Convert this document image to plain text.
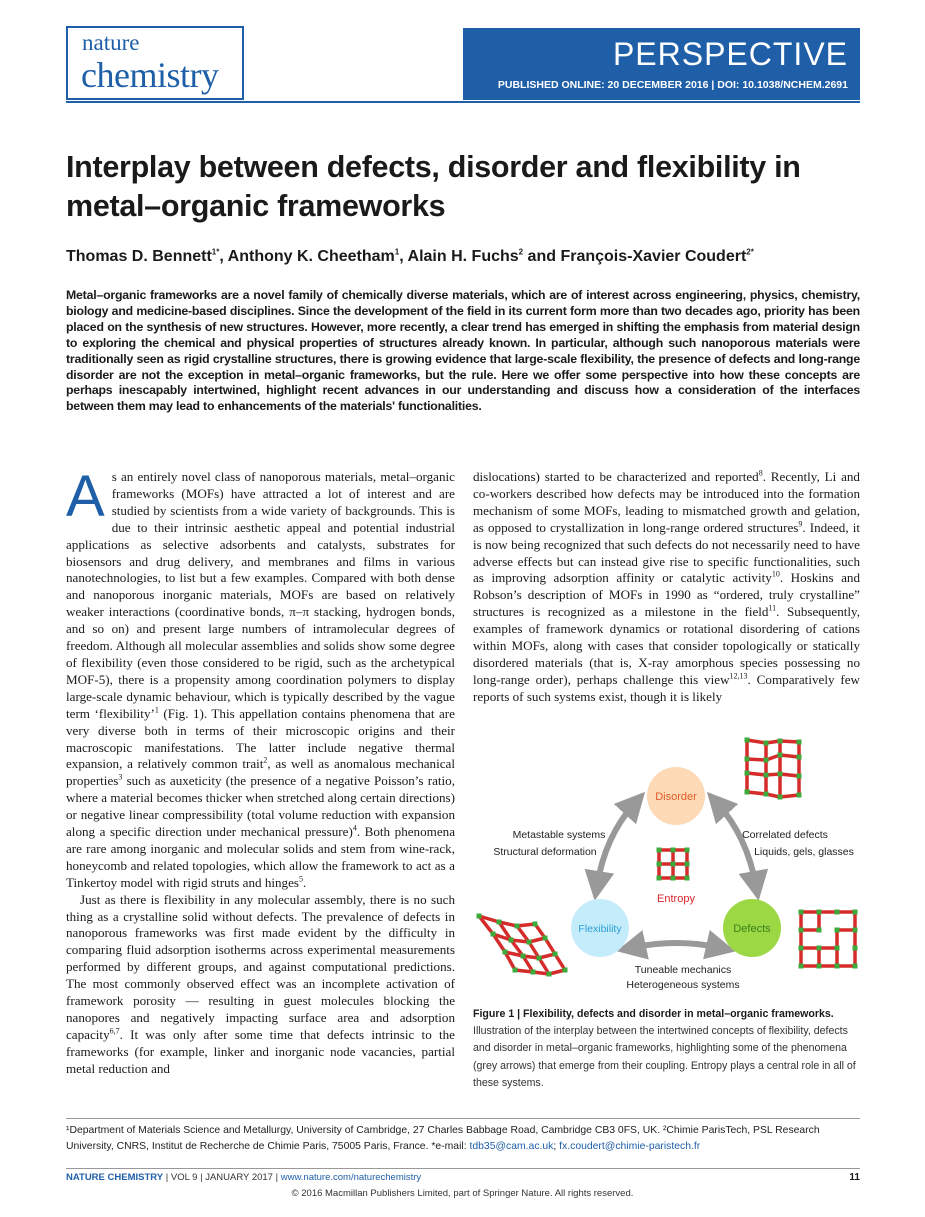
nature
chemistry
PERSPECTIVE
PUBLISHED ONLINE: 20 DECEMBER 2016 | DOI: 10.1038/NCHEM.2691
Interplay between defects, disorder and flexibility in metal–organic frameworks
Thomas D. Bennett$^{1*}$, Anthony K. Cheetham$^1$, Alain H. Fuchs$^2$ and François-Xavier Coudert$^{2*}$

Metal–organic frameworks are a novel family of chemically diverse materials, which are of interest across engineering, physics, chemistry, biology and medicine-based disciplines. Since the development of the field in its current form more than two decades ago, priority has been placed on the synthesis of new structures. However, more recently, a clear trend has emerged in shifting the emphasis from material design to exploring the chemical and physical properties of structures already known. In particular, although such nanoporous materials were traditionally seen as rigid crystalline structures, there is growing evidence that large-scale flexibility, the presence of defects and long-range disorder are not the exception in metal–organic frameworks, but the rule. Here we offer some perspective into how these concepts are perhaps inescapably intertwined, highlight recent advances in our understanding and discuss how a consideration of the interfaces between them may lead to enhancements of the materials' functionalities.

A s an entirely novel class of nanoporous materials, metal–organic frameworks (MOFs) have attracted a lot of interest and are studied by scientists from a wide variety of backgrounds. This is due to their intrinsic aesthetic appeal and potential industrial applications as selective adsorbents and catalysts, substrates for biosensors and drug delivery, and membranes and films in various nanotechnologies, to list but a few examples. Compared with both dense and nanoporous inorganic materials, MOFs are based on relatively weaker interactions (coordinative bonds, π–π stacking, hydrogen bonds, and so on) and present large numbers of intramolecular degrees of freedom. Although all molecular assemblies and solids show some degree of flexibility (even those considered to be rigid, such as the archetypical MOF-5), there is a propensity among coordination polymers to display large-scale dynamic behaviour, which is typically described by the vague term ‘flexibility’$^1$ (Fig. 1). This appellation contains phenomena that are very diverse both in terms of their microscopic origins and their macroscopic manifestations. The latter include negative thermal expansion, a relatively common trait$^2$, as well as anomalous mechanical properties$^3$ such as auxeticity (the presence of a negative Poisson’s ratio, where a material becomes thicker when stretched along certain directions) or negative linear compressibility (total volume reduction with expansion along a specific direction under mechanical pressure)$^4$. Both phenomena are rare among inorganic and molecular solids and stem from wine-rack, honeycomb and related topologies, which allow the framework to act as a Tinkertoy model with rigid struts and hinges$^5$.

Just as there is flexibility in any molecular assembly, there is no such thing as a crystalline solid without defects. The prevalence of defects in nanoporous frameworks was first made evident by the difficulty in comparing fluid adsorption isotherms across experimental measurements performed by different groups, and against computational predictions. The most commonly observed effect was an incomplete activation of framework porosity — resulting in guest molecules blocking the nanopores and negatively impacting surface area and adsorption capacity$^{6,7}$. It was only after some time that defects intrinsic to the frameworks (for example, linker and inorganic node vacancies, partial metal reduction and

dislocations) started to be characterized and reported$^8$. Recently, Li and co-workers described how defects may be introduced into the formation mechanism of some MOFs, leading to mismatched growth and gelation, as opposed to crystallization in long-range ordered structures$^9$. Indeed, it is now being recognized that such defects do not necessarily need to have adverse effects but can instead give rise to specific functionalities, such as improving adsorption affinity or catalytic activity$^{10}$. Hoskins and Robson’s description of MOFs in 1990 as “ordered, truly crystalline” structures is recognized as a milestone in the field$^{11}$. Subsequently, examples of framework dynamics or rotational disordering of cations within MOFs, along with cases that consider topologically or statically disordered materials (that is, X-ray amorphous species possessing no long-range order), perhaps challenge this view$^{12,13}$. Comparatively few reports of such systems exist, though it is likely

Disorder
Flexibility	Defects
Entropy
Metastable systems
Structural deformation
Correlated defects
Liquids, gels, glasses
Tuneable mechanics
Heterogeneous systems
Figure 1 | Flexibility, defects and disorder in metal–organic frameworks. Illustration of the interplay between the intertwined concepts of flexibility, defects and disorder in metal–organic frameworks, highlighting some of the phenomena (grey arrows) that emerge from their coupling. Entropy plays a central role in all of these systems.
¹Department of Materials Science and Metallurgy, University of Cambridge, 27 Charles Babbage Road, Cambridge CB3 0FS, UK. ²Chimie ParisTech, PSL Research University, CNRS, Institut de Recherche de Chimie Paris, 75005 Paris, France. *e-mail: tdb35@cam.ac.uk; fx.coudert@chimie-paristech.fr
NATURE CHEMISTRY | VOL 9 | JANUARY 2017 | www.nature.com/naturechemistry	11
© 2016 Macmillan Publishers Limited, part of Springer Nature. All rights reserved.
